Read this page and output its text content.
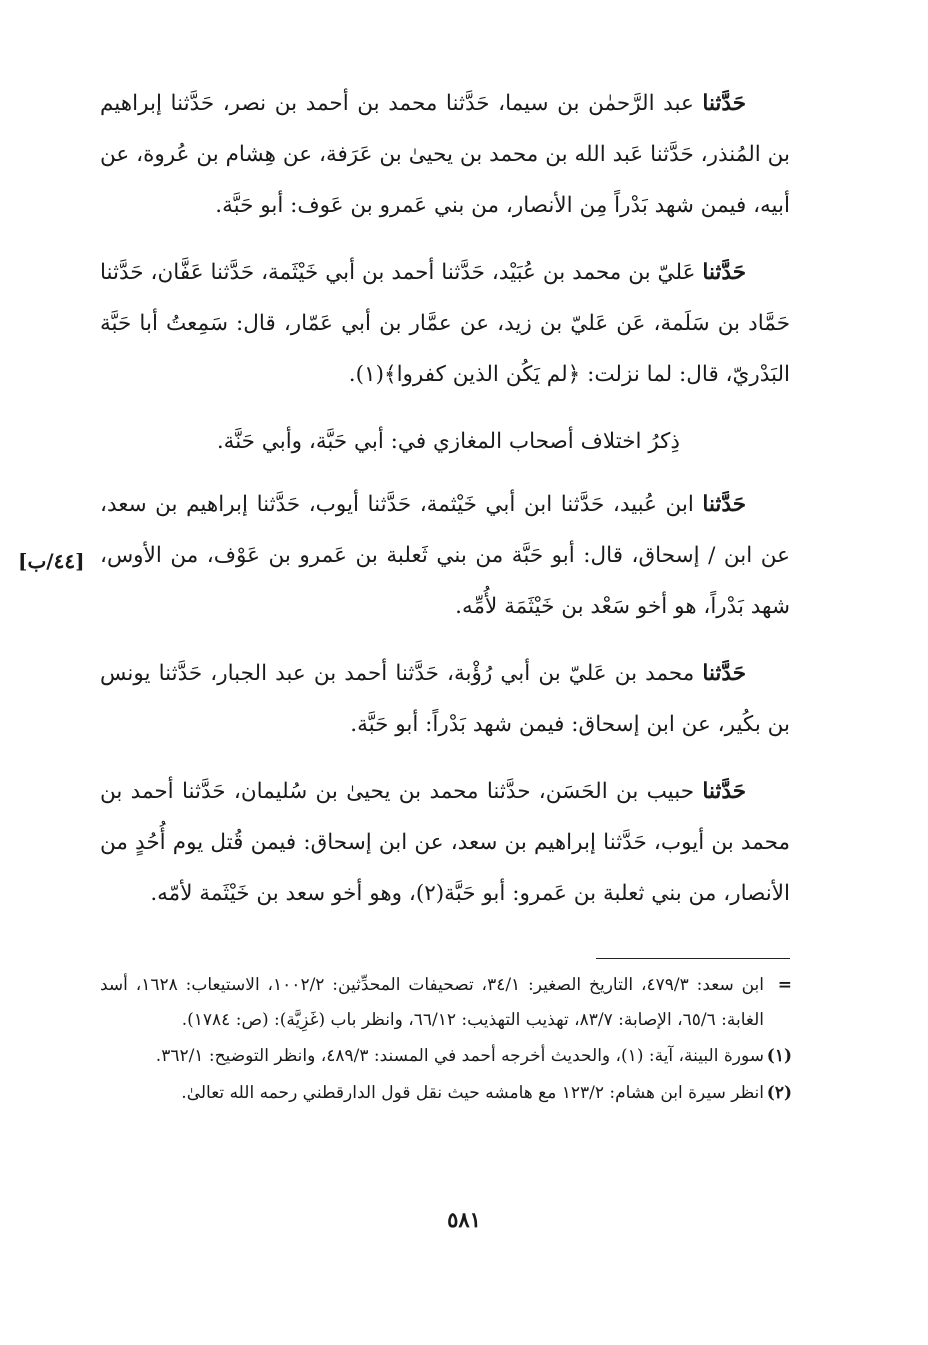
حَدَّثنا عبد الرَّحمٰن بن سيما، حَدَّثنا محمد بن أحمد بن نصر، حَدَّثنا إبراهيم بن المُنذر، حَدَّثنا عَبد الله بن محمد بن يحيىٰ بن عَرَفة، عن هِشام بن عُروة، عن أبيه، فيمن شهد بَدْراً مِن الأنصار، من بني عَمرو بن عَوف: أبو حَبَّة.

حَدَّثنا عَليّ بن محمد بن عُبَيْد، حَدَّثنا أحمد بن أبي خَيْثَمة، حَدَّثنا عَفَّان، حَدَّثنا حَمَّاد بن سَلَمة، عَن عَليّ بن زيد، عن عمَّار بن أبي عَمّار، قال: سَمِعتُ أبا حَبَّة البَدْريّ، قال: لما نزلت: ﴿لم يَكُن الذين كفروا﴾(١).

ذِكرُ اختلاف أصحاب المغازي في: أبي حَبَّة، وأبي حَنَّة.

حَدَّثنا ابن عُبيد، حَدَّثنا ابن أبي خَيْثمة، حَدَّثنا أيوب، حَدَّثنا إبراهيم بن سعد، عن ابن / إسحاق، قال: أبو حَبَّة من بني ثَعلبة بن عَمرو بن عَوْف، من الأوس، شهد بَدْراً، هو أخو سَعْد بن خَيْثَمَة لأُمِّه.

حَدَّثنا محمد بن عَليّ بن أبي رُؤْبة، حَدَّثنا أحمد بن عبد الجبار، حَدَّثنا يونس بن بكُير، عن ابن إسحاق: فيمن شهد بَدْراً: أبو حَبَّة.

حَدَّثنا حبيب بن الحَسَن، حدَّثنا محمد بن يحيىٰ بن سُليمان، حَدَّثنا أحمد بن محمد بن أيوب، حَدَّثنا إبراهيم بن سعد، عن ابن إسحاق: فيمن قُتل يوم أُحُدٍ من الأنصار، من بني ثعلبة بن عَمرو: أبو حَبَّة(٢)، وهو أخو سعد بن خَيْثَمة لأمّه.

[٤٤/ب]

=
ابن سعد: ٤٧٩/٣، التاريخ الصغير: ٣٤/١، تصحيفات المحدِّثين: ١٠٠٢/٢، الاستيعاب: ١٦٢٨، أسد الغابة: ٦٥/٦، الإصابة: ٨٣/٧، تهذيب التهذيب: ٦٦/١٢، وانظر باب (غَزِيَّة): (ص: ١٧٨٤).

(١)
سورة البينة، آية: (١)، والحديث أخرجه أحمد في المسند: ٤٨٩/٣، وانظر التوضيح: ٣٦٢/١.

(٢)
انظر سيرة ابن هشام: ١٢٣/٢ مع هامشه حيث نقل قول الدارقطني رحمه الله تعالىٰ.

٥٨١
